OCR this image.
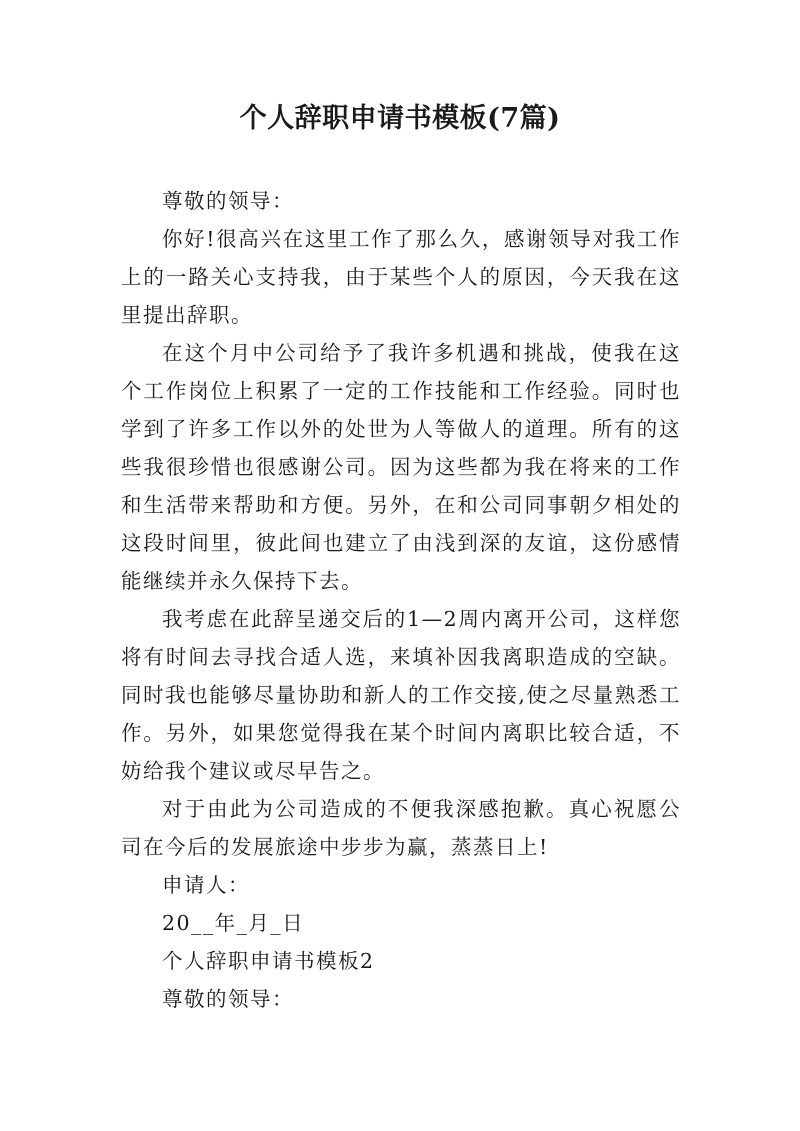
个人辞职申请书模板(7篇)

尊敬的领导：

你好!很高兴在这里工作了那么久，感谢领导对我工作上的一路关心支持我，由于某些个人的原因，今天我在这里提出辞职。

在这个月中公司给予了我许多机遇和挑战，使我在这个工作岗位上积累了一定的工作技能和工作经验。同时也学到了许多工作以外的处世为人等做人的道理。所有的这些我很珍惜也很感谢公司。因为这些都为我在将来的工作和生活带来帮助和方便。另外，在和公司同事朝夕相处的这段时间里，彼此间也建立了由浅到深的友谊，这份感情能继续并永久保持下去。

我考虑在此辞呈递交后的1—2周内离开公司，这样您将有时间去寻找合适人选，来填补因我离职造成的空缺。同时我也能够尽量协助和新人的工作交接,使之尽量熟悉工作。另外，如果您觉得我在某个时间内离职比较合适，不妨给我个建议或尽早告之。

对于由此为公司造成的不便我深感抱歉。真心祝愿公司在今后的发展旅途中步步为赢，蒸蒸日上!

申请人：

20__年_月_日

个人辞职申请书模板2

尊敬的领导：
